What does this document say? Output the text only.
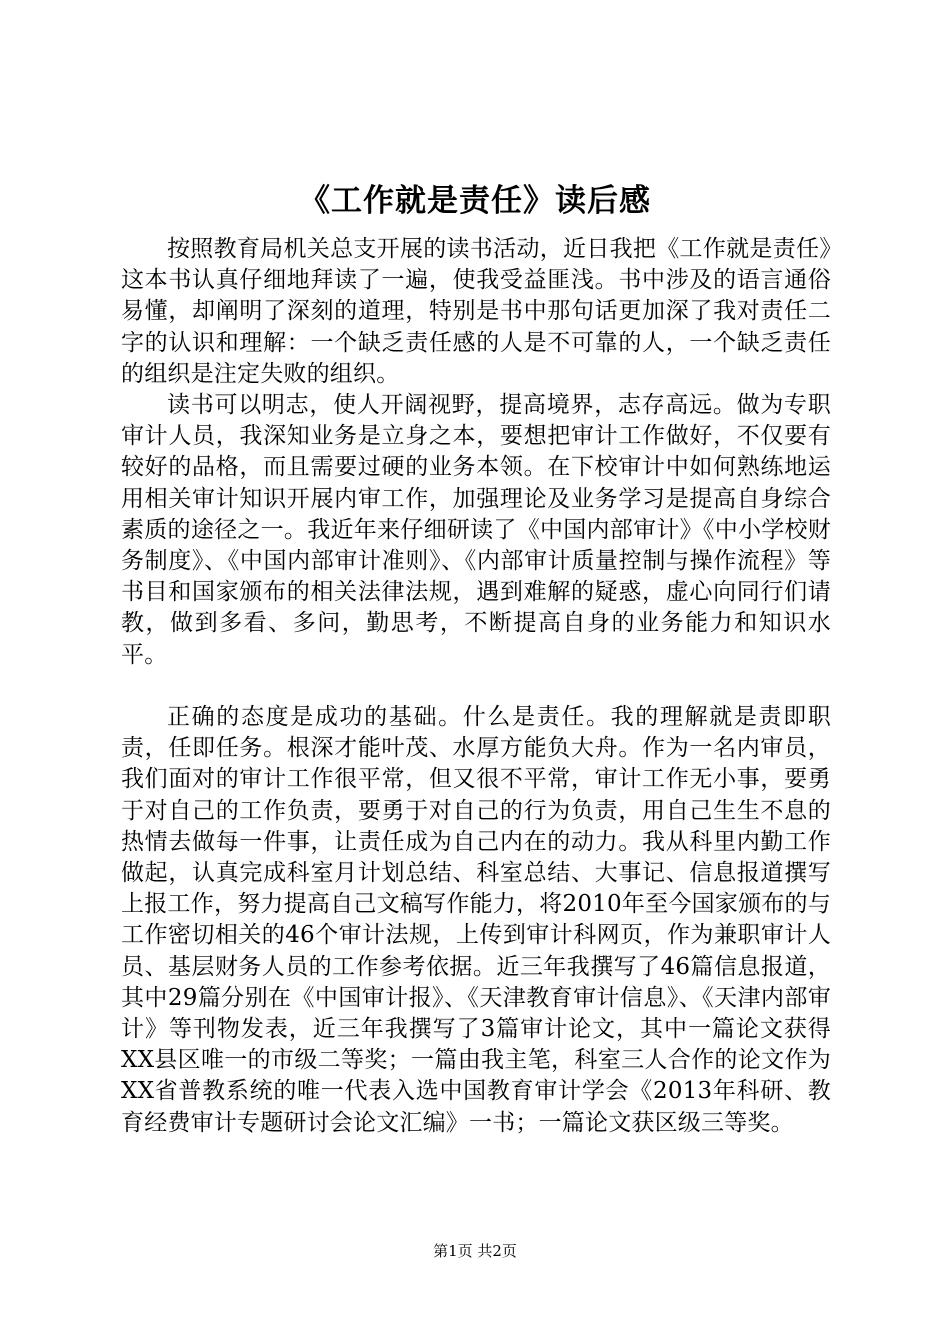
《工作就是责任》读后感

按照教育局机关总支开展的读书活动，近日我把《工作就是责任》这本书认真仔细地拜读了一遍，使我受益匪浅。书中涉及的语言通俗易懂，却阐明了深刻的道理，特别是书中那句话更加深了我对责任二字的认识和理解：一个缺乏责任感的人是不可靠的人，一个缺乏责任的组织是注定失败的组织。

读书可以明志，使人开阔视野，提高境界，志存高远。做为专职审计人员，我深知业务是立身之本，要想把审计工作做好，不仅要有较好的品格，而且需要过硬的业务本领。在下校审计中如何熟练地运用相关审计知识开展内审工作，加强理论及业务学习是提高自身综合素质的途径之一。我近年来仔细研读了《中国内部审计》《中小学校财务制度》、《中国内部审计准则》、《内部审计质量控制与操作流程》等书目和国家颁布的相关法律法规，遇到难解的疑惑，虚心向同行们请教，做到多看、多问，勤思考，不断提高自身的业务能力和知识水平。

正确的态度是成功的基础。什么是责任。我的理解就是责即职责，任即任务。根深才能叶茂、水厚方能负大舟。作为一名内审员，我们面对的审计工作很平常，但又很不平常，审计工作无小事，要勇于对自己的工作负责，要勇于对自己的行为负责，用自己生生不息的热情去做每一件事，让责任成为自己内在的动力。我从科里内勤工作做起，认真完成科室月计划总结、科室总结、大事记、信息报道撰写上报工作，努力提高自己文稿写作能力，将2010年至今国家颁布的与工作密切相关的46个审计法规，上传到审计科网页，作为兼职审计人员、基层财务人员的工作参考依据。近三年我撰写了46篇信息报道，其中29篇分别在《中国审计报》、《天津教育审计信息》、《天津内部审计》等刊物发表，近三年我撰写了3篇审计论文，其中一篇论文获得XX县区唯一的市级二等奖；一篇由我主笔，科室三人合作的论文作为XX省普教系统的唯一代表入选中国教育审计学会《2013年科研、教育经费审计专题研讨会论文汇编》一书；一篇论文获区级三等奖。

第1页 共2页
